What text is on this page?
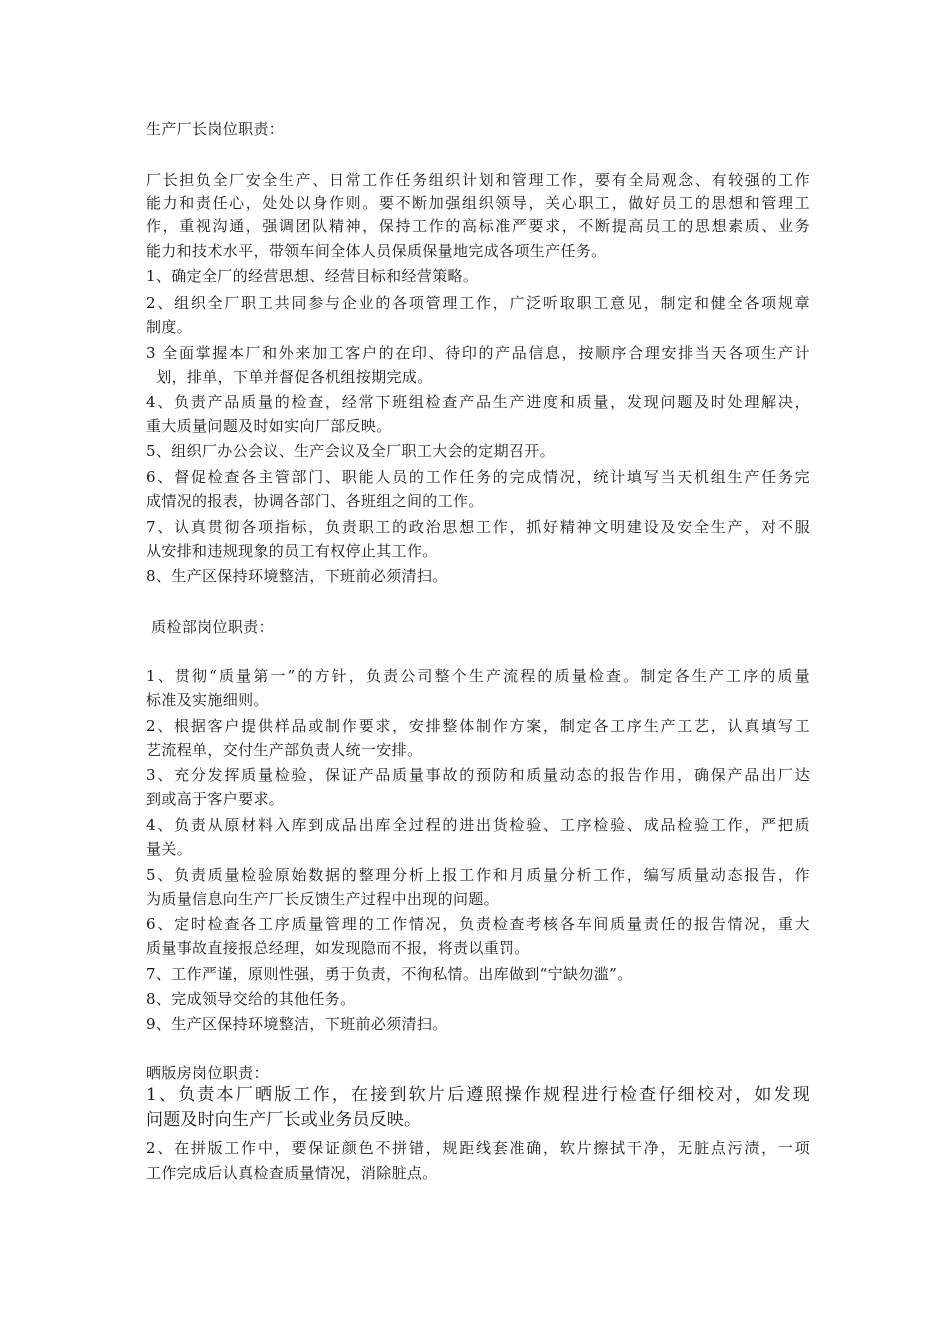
生产厂长岗位职责：
厂长担负全厂安全生产、日常工作任务组织计划和管理工作，要有全局观念、有较强的工作
能力和责任心，处处以身作则。要不断加强组织领导，关心职工，做好员工的思想和管理工
作，重视沟通，强调团队精神，保持工作的高标准严要求，不断提高员工的思想素质、业务
能力和技术水平，带领车间全体人员保质保量地完成各项生产任务。
1、确定全厂的经营思想、经营目标和经营策略。
2、组织全厂职工共同参与企业的各项管理工作，广泛听取职工意见，制定和健全各项规章
制度。
3 全面掌握本厂和外来加工客户的在印、待印的产品信息，按顺序合理安排当天各项生产计
划，排单，下单并督促各机组按期完成。
4、负责产品质量的检查，经常下班组检查产品生产进度和质量，发现问题及时处理解决，
重大质量问题及时如实向厂部反映。
5、组织厂办公会议、生产会议及全厂职工大会的定期召开。
6、督促检查各主管部门、职能人员的工作任务的完成情况，统计填写当天机组生产任务完
成情况的报表，协调各部门、各班组之间的工作。
7、认真贯彻各项指标，负责职工的政治思想工作，抓好精神文明建设及安全生产，对不服
从安排和违规现象的员工有权停止其工作。
8、生产区保持环境整洁，下班前必须清扫。
质检部岗位职责：
1、贯彻“质量第一”的方针，负责公司整个生产流程的质量检查。制定各生产工序的质量
标准及实施细则。
2、根据客户提供样品或制作要求，安排整体制作方案，制定各工序生产工艺，认真填写工
艺流程单，交付生产部负责人统一安排。
3、充分发挥质量检验，保证产品质量事故的预防和质量动态的报告作用，确保产品出厂达
到或高于客户要求。
4、负责从原材料入库到成品出库全过程的进出货检验、工序检验、成品检验工作，严把质
量关。
5、负责质量检验原始数据的整理分析上报工作和月质量分析工作，编写质量动态报告，作
为质量信息向生产厂长反馈生产过程中出现的问题。
6、定时检查各工序质量管理的工作情况，负责检查考核各车间质量责任的报告情况，重大
质量事故直接报总经理，如发现隐而不报，将责以重罚。
7、工作严谨，原则性强，勇于负责，不徇私情。出库做到“宁缺勿滥”。
8、完成领导交给的其他任务。
9、生产区保持环境整洁，下班前必须清扫。
晒版房岗位职责：
1、负责本厂晒版工作，在接到软片后遵照操作规程进行检查仔细校对，如发现
问题及时向生产厂长或业务员反映。
2、在拼版工作中，要保证颜色不拼错，规距线套准确，软片擦拭干净，无脏点污渍，一项
工作完成后认真检查质量情况，消除脏点。
